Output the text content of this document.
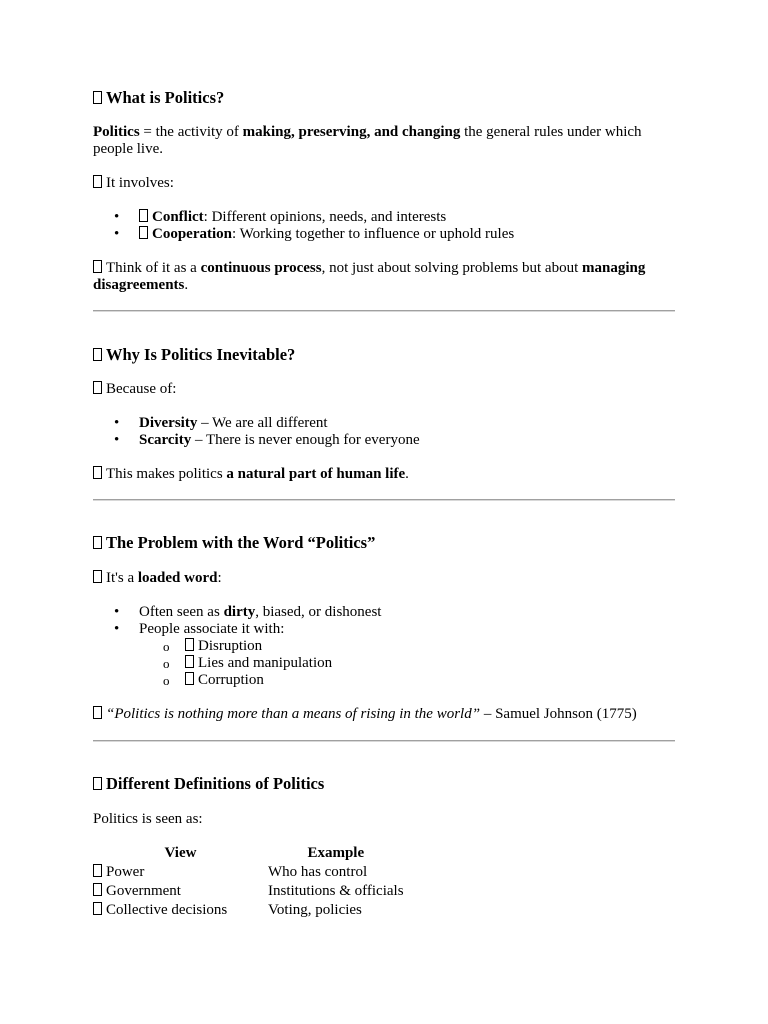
What is Politics?

Politics = the activity of making, preserving, and changing the general rules under which people live.

It involves:

• Conflict: Different opinions, needs, and interests
• Cooperation: Working together to influence or uphold rules

Think of it as a continuous process, not just about solving problems but about managing disagreements.

Why Is Politics Inevitable?

Because of:

• Diversity – We are all different
• Scarcity – There is never enough for everyone

This makes politics a natural part of human life.

The Problem with the Word “Politics”

It's a loaded word:

• Often seen as dirty, biased, or dishonest
• People associate it with:
o Disruption
o Lies and manipulation
o Corruption

“Politics is nothing more than a means of rising in the world” – Samuel Johnson (1775)

Different Definitions of Politics

Politics is seen as:

View	Example
Power	Who has control
Government	Institutions & officials
Collective decisions	Voting, policies
